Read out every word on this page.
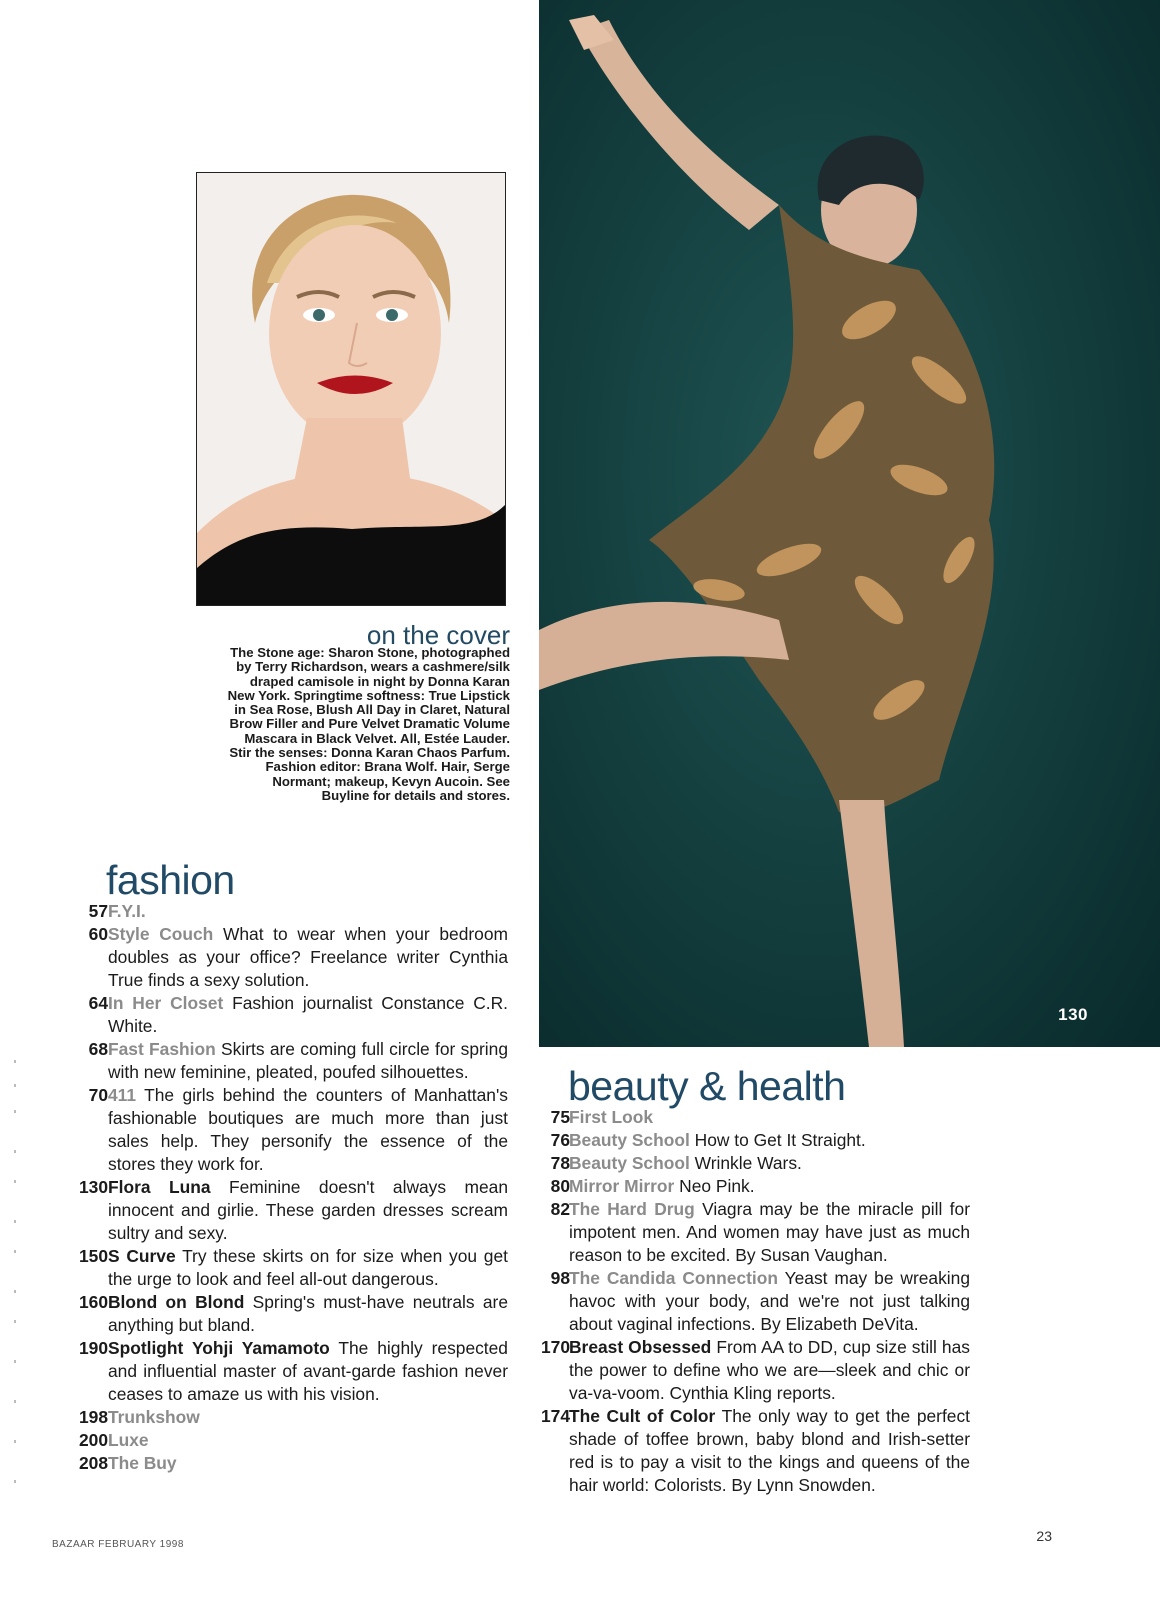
130
on the cover
The Stone age: Sharon Stone, photographed by Terry Richardson, wears a cashmere/silk draped camisole in night by Donna Karan New York. Springtime softness: True Lipstick in Sea Rose, Blush All Day in Claret, Natural Brow Filler and Pure Velvet Dramatic Volume Mascara in Black Velvet. All, Estée Lauder. Stir the senses: Donna Karan Chaos Parfum. Fashion editor: Brana Wolf. Hair, Serge Normant; makeup, Kevyn Aucoin. See Buyline for details and stores.
fashion
57 F.Y.I.
60 Style Couch What to wear when your bedroom doubles as your office? Freelance writer Cynthia True finds a sexy solution.
64 In Her Closet Fashion journalist Constance C.R. White.
68 Fast Fashion Skirts are coming full circle for spring with new feminine, pleated, poufed silhouettes.
70 411 The girls behind the counters of Manhattan's fashionable boutiques are much more than just sales help. They personify the essence of the stores they work for.
130 Flora Luna Feminine doesn't always mean innocent and girlie. These garden dresses scream sultry and sexy.
150 S Curve Try these skirts on for size when you get the urge to look and feel all-out dangerous.
160 Blond on Blond Spring's must-have neutrals are anything but bland.
190 Spotlight Yohji Yamamoto The highly respected and influential master of avant-garde fashion never ceases to amaze us with his vision.
198 Trunkshow
200 Luxe
208 The Buy
beauty & health
75 First Look
76 Beauty School How to Get It Straight.
78 Beauty School Wrinkle Wars.
80 Mirror Mirror Neo Pink.
82 The Hard Drug Viagra may be the miracle pill for impotent men. And women may have just as much reason to be excited. By Susan Vaughan.
98 The Candida Connection Yeast may be wreaking havoc with your body, and we're not just talking about vaginal infections. By Elizabeth DeVita.
170 Breast Obsessed From AA to DD, cup size still has the power to define who we are—sleek and chic or va-va-voom. Cynthia Kling reports.
174 The Cult of Color The only way to get the perfect shade of toffee brown, baby blond and Irish-setter red is to pay a visit to the kings and queens of the hair world: Colorists. By Lynn Snowden.
BAZAAR FEBRUARY 1998
23
